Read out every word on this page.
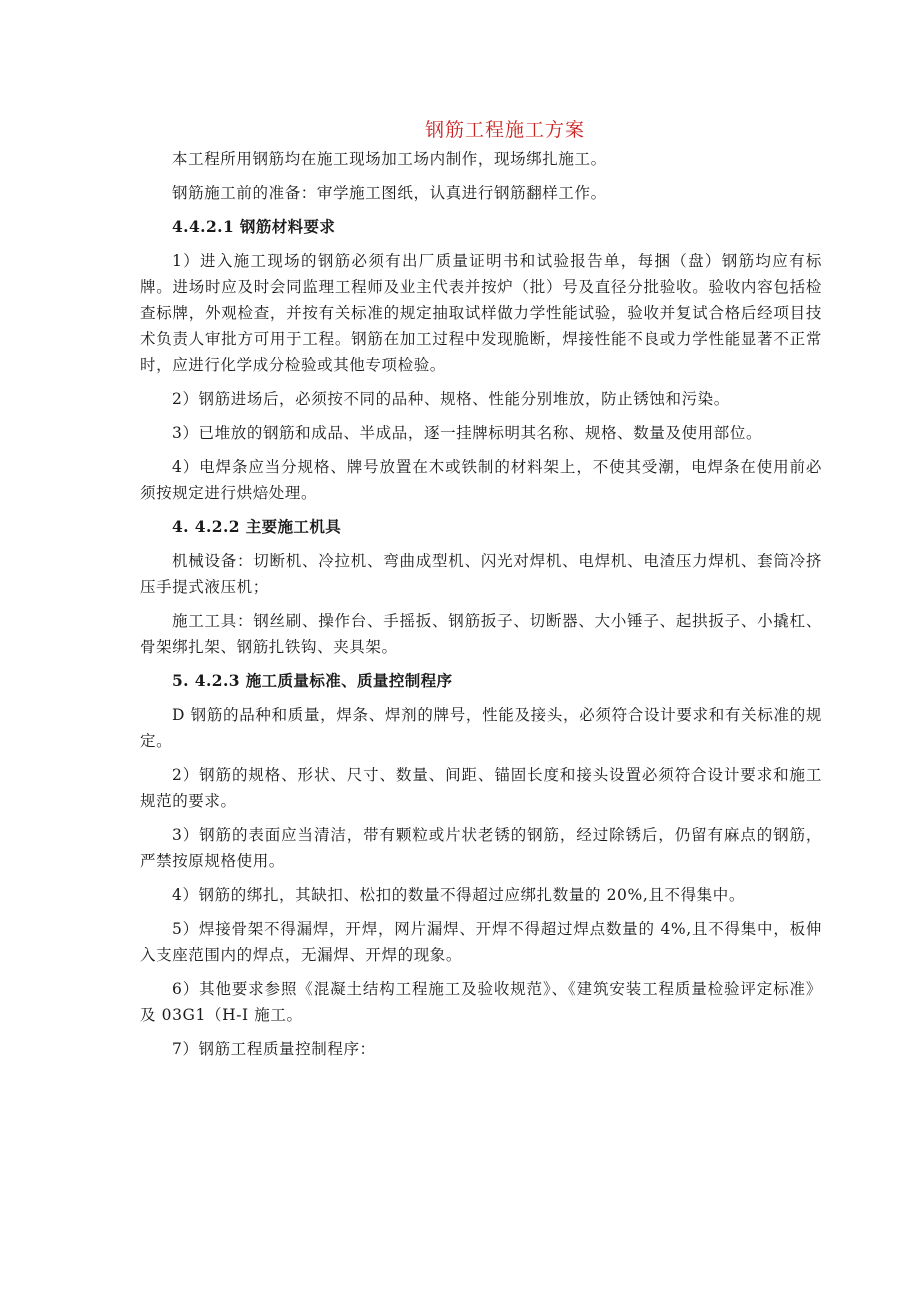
钢筋工程施工方案

本工程所用钢筋均在施工现场加工场内制作，现场绑扎施工。

钢筋施工前的准备：审学施工图纸，认真进行钢筋翻样工作。

4.4.2.1 钢筋材料要求

1）进入施工现场的钢筋必须有出厂质量证明书和试验报告单，每捆（盘）钢筋均应有标牌。进场时应及时会同监理工程师及业主代表并按炉（批）号及直径分批验收。验收内容包括检查标牌，外观检查，并按有关标准的规定抽取试样做力学性能试验，验收并复试合格后经项目技术负责人审批方可用于工程。钢筋在加工过程中发现脆断，焊接性能不良或力学性能显著不正常时，应进行化学成分检验或其他专项检验。

2）钢筋进场后，必须按不同的品种、规格、性能分别堆放，防止锈蚀和污染。

3）已堆放的钢筋和成品、半成品，逐一挂牌标明其名称、规格、数量及使用部位。

4）电焊条应当分规格、牌号放置在木或铁制的材料架上，不使其受潮，电焊条在使用前必须按规定进行烘焙处理。

4. 4.2.2 主要施工机具

机械设备：切断机、冷拉机、弯曲成型机、闪光对焊机、电焊机、电渣压力焊机、套筒冷挤压手提式液压机；

施工工具：钢丝刷、操作台、手摇扳、钢筋扳子、切断器、大小锤子、起拱扳子、小撬杠、骨架绑扎架、钢筋扎铁钩、夹具架。

5. 4.2.3 施工质量标准、质量控制程序

D 钢筋的品种和质量，焊条、焊剂的牌号，性能及接头，必须符合设计要求和有关标准的规定。

2）钢筋的规格、形状、尺寸、数量、间距、锚固长度和接头设置必须符合设计要求和施工规范的要求。

3）钢筋的表面应当清洁，带有颗粒或片状老锈的钢筋，经过除锈后，仍留有麻点的钢筋，严禁按原规格使用。

4）钢筋的绑扎，其缺扣、松扣的数量不得超过应绑扎数量的 20%,且不得集中。

5）焊接骨架不得漏焊，开焊，网片漏焊、开焊不得超过焊点数量的 4%,且不得集中，板伸入支座范围内的焊点，无漏焊、开焊的现象。

6）其他要求参照《混凝土结构工程施工及验收规范》、《建筑安装工程质量检验评定标准》及 03G1（H-I 施工。

7）钢筋工程质量控制程序：
